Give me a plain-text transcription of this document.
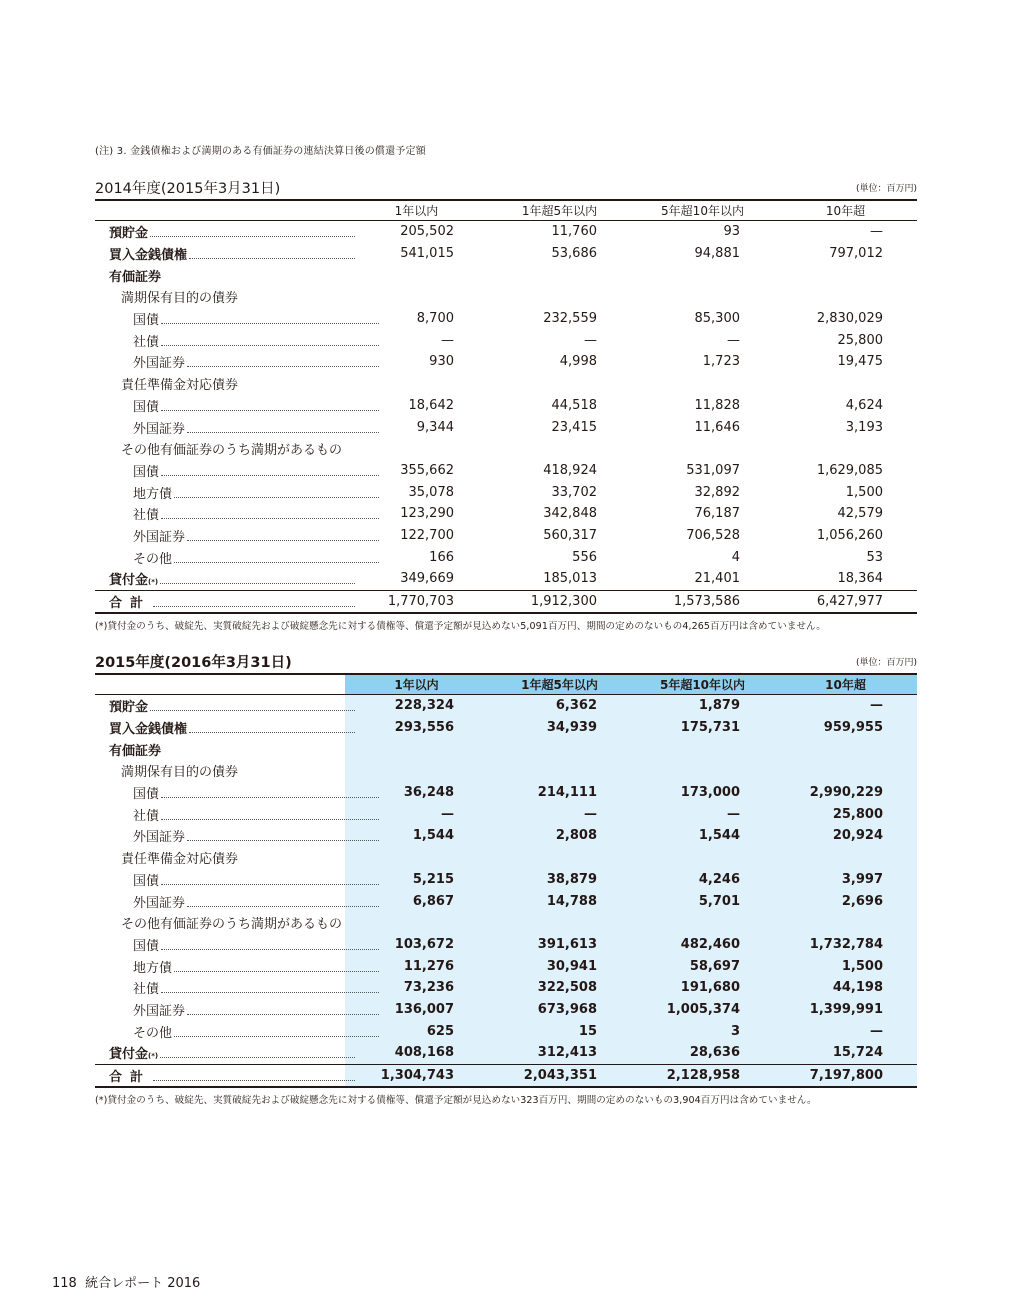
(注) 3. 金銭債権および満期のある有価証券の連結決算日後の償還予定額
2014年度(2015年3月31日)	(単位：百万円)
	1年以内	1年超5年以内	5年超10年以内	10年超

預貯金	205,502	11,760	93	—

買入金銭債権	541,015	53,686	94,881	797,012

有価証券				

満期保有目的の債券				

国債	8,700	232,559	85,300	2,830,029

社債	—	—	—	25,800

外国証券	930	4,998	1,723	19,475

責任準備金対応債券				

国債	18,642	44,518	11,828	4,624

外国証券	9,344	23,415	11,646	3,193

その他有価証券のうち満期があるもの				

国債	355,662	418,924	531,097	1,629,085

地方債	35,078	33,702	32,892	1,500

社債	123,290	342,848	76,187	42,579

外国証券	122,700	560,317	706,528	1,056,260

その他	166	556	4	53

貸付金$_{(*)}$	349,669	185,013	21,401	18,364

合計	1,770,703	1,912,300	1,573,586	6,427,977
(*)貸付金のうち、破綻先、実質破綻先および破綻懸念先に対する債権等、償還予定額が見込めない5,091百万円、期間の定めのないもの4,265百万円は含めていません。
2015年度(2016年3月31日)	(単位：百万円)
	1年以内	1年超5年以内	5年超10年以内	10年超

預貯金	228,324	6,362	1,879	—

買入金銭債権	293,556	34,939	175,731	959,955

有価証券				

満期保有目的の債券				

国債	36,248	214,111	173,000	2,990,229

社債	—	—	—	25,800

外国証券	1,544	2,808	1,544	20,924

責任準備金対応債券				

国債	5,215	38,879	4,246	3,997

外国証券	6,867	14,788	5,701	2,696

その他有価証券のうち満期があるもの				

国債	103,672	391,613	482,460	1,732,784

地方債	11,276	30,941	58,697	1,500

社債	73,236	322,508	191,680	44,198

外国証券	136,007	673,968	1,005,374	1,399,991

その他	625	15	3	—

貸付金$_{(*)}$	408,168	312,413	28,636	15,724

合計	1,304,743	2,043,351	2,128,958	7,197,800
(*)貸付金のうち、破綻先、実質破綻先および破綻懸念先に対する債権等、償還予定額が見込めない323百万円、期間の定めのないもの3,904百万円は含めていません。
118 統合レポート 2016
